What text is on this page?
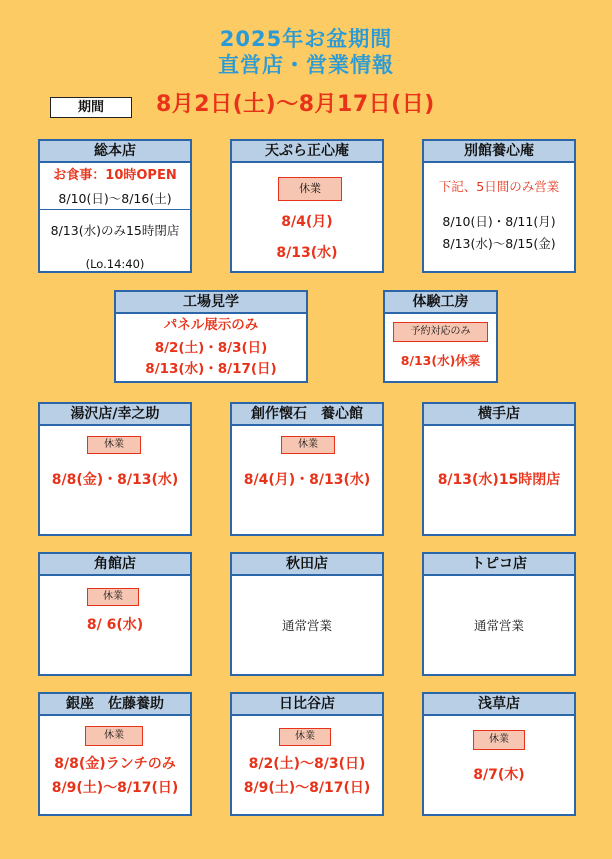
2025年お盆期間
直営店・営業情報
期間	8月2日(土)～8月17日(日)
総本店
お食事：10時OPEN
8/10(日)～8/16(土)
8/13(水)のみ15時閉店
(Lo.14:40)
天ぷら正心庵
休業
8/4(月)
8/13(水)
別館養心庵
下記、5日間のみ営業
8/10(日)・8/11(月)
8/13(水)～8/15(金)
工場見学
パネル展示のみ
8/2(土)・8/3(日)
8/13(水)・8/17(日)
体験工房
予約対応のみ
8/13(水)休業
湯沢店/幸之助
休業
8/8(金)・8/13(水)
創作懐石　養心館
休業
8/4(月)・8/13(水)
横手店
8/13(水)15時閉店
角館店
休業
8/ 6(水)
秋田店
通常営業
トピコ店
通常営業
銀座　佐藤養助
休業
8/8(金)ランチのみ
8/9(土)～8/17(日)
日比谷店
休業
8/2(土)～8/3(日)
8/9(土)～8/17(日)
浅草店
休業
8/7(木)
